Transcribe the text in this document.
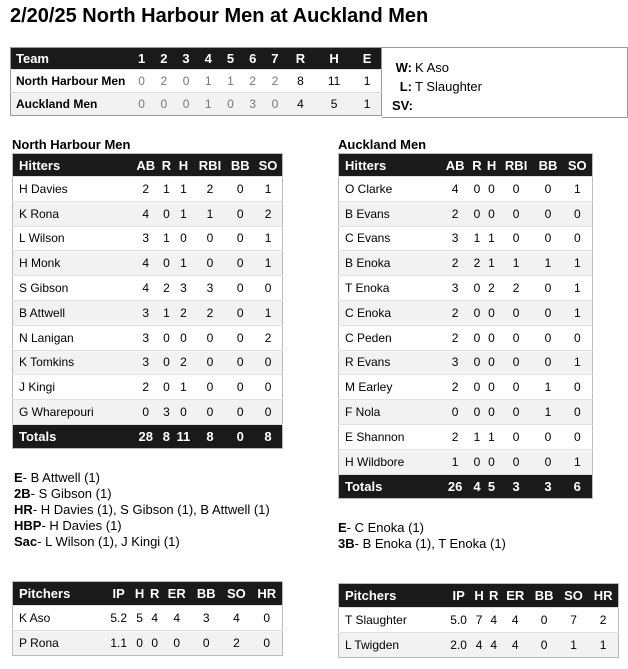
2/20/25 North Harbour Men at Auckland Men
Team	1	2	3	4	5	6	7	R	H	E
North Harbour Men	0	2	0	1	1	2	2	8	11	1
Auckland Men	0	0	0	1	0	3	0	4	5	1
W: K Aso
L: T Slaughter
SV:
North Harbour Men
Hitters	AB	R	H	RBI	BB	SO
H Davies	2	1	1	2	0	1
K Rona	4	0	1	1	0	2
L Wilson	3	1	0	0	0	1
H Monk	4	0	1	0	0	1
S Gibson	4	2	3	3	0	0
B Attwell	3	1	2	2	0	1
N Lanigan	3	0	0	0	0	2
K Tomkins	3	0	2	0	0	0
J Kingi	2	0	1	0	0	0
G Wharepouri	0	3	0	0	0	0
Totals	28	8	11	8	0	8
E- B Attwell (1)
2B- S Gibson (1)
HR- H Davies (1), S Gibson (1), B Attwell (1)
HBP- H Davies (1)
Sac- L Wilson (1), J Kingi (1)
Pitchers	IP	H	R	ER	BB	SO	HR
K Aso	5.2	5	4	4	3	4	0
P Rona	1.1	0	0	0	0	2	0
Auckland Men
Hitters	AB	R	H	RBI	BB	SO
O Clarke	4	0	0	0	0	1
B Evans	2	0	0	0	0	0
C Evans	3	1	1	0	0	0
B Enoka	2	2	1	1	1	1
T Enoka	3	0	2	2	0	1
C Enoka	2	0	0	0	0	1
C Peden	2	0	0	0	0	0
R Evans	3	0	0	0	0	1
M Earley	2	0	0	0	1	0
F Nola	0	0	0	0	1	0
E Shannon	2	1	1	0	0	0
H Wildbore	1	0	0	0	0	1
Totals	26	4	5	3	3	6
E- C Enoka (1)
3B- B Enoka (1), T Enoka (1)
Pitchers	IP	H	R	ER	BB	SO	HR
T Slaughter	5.0	7	4	4	0	7	2
L Twigden	2.0	4	4	4	0	1	1
